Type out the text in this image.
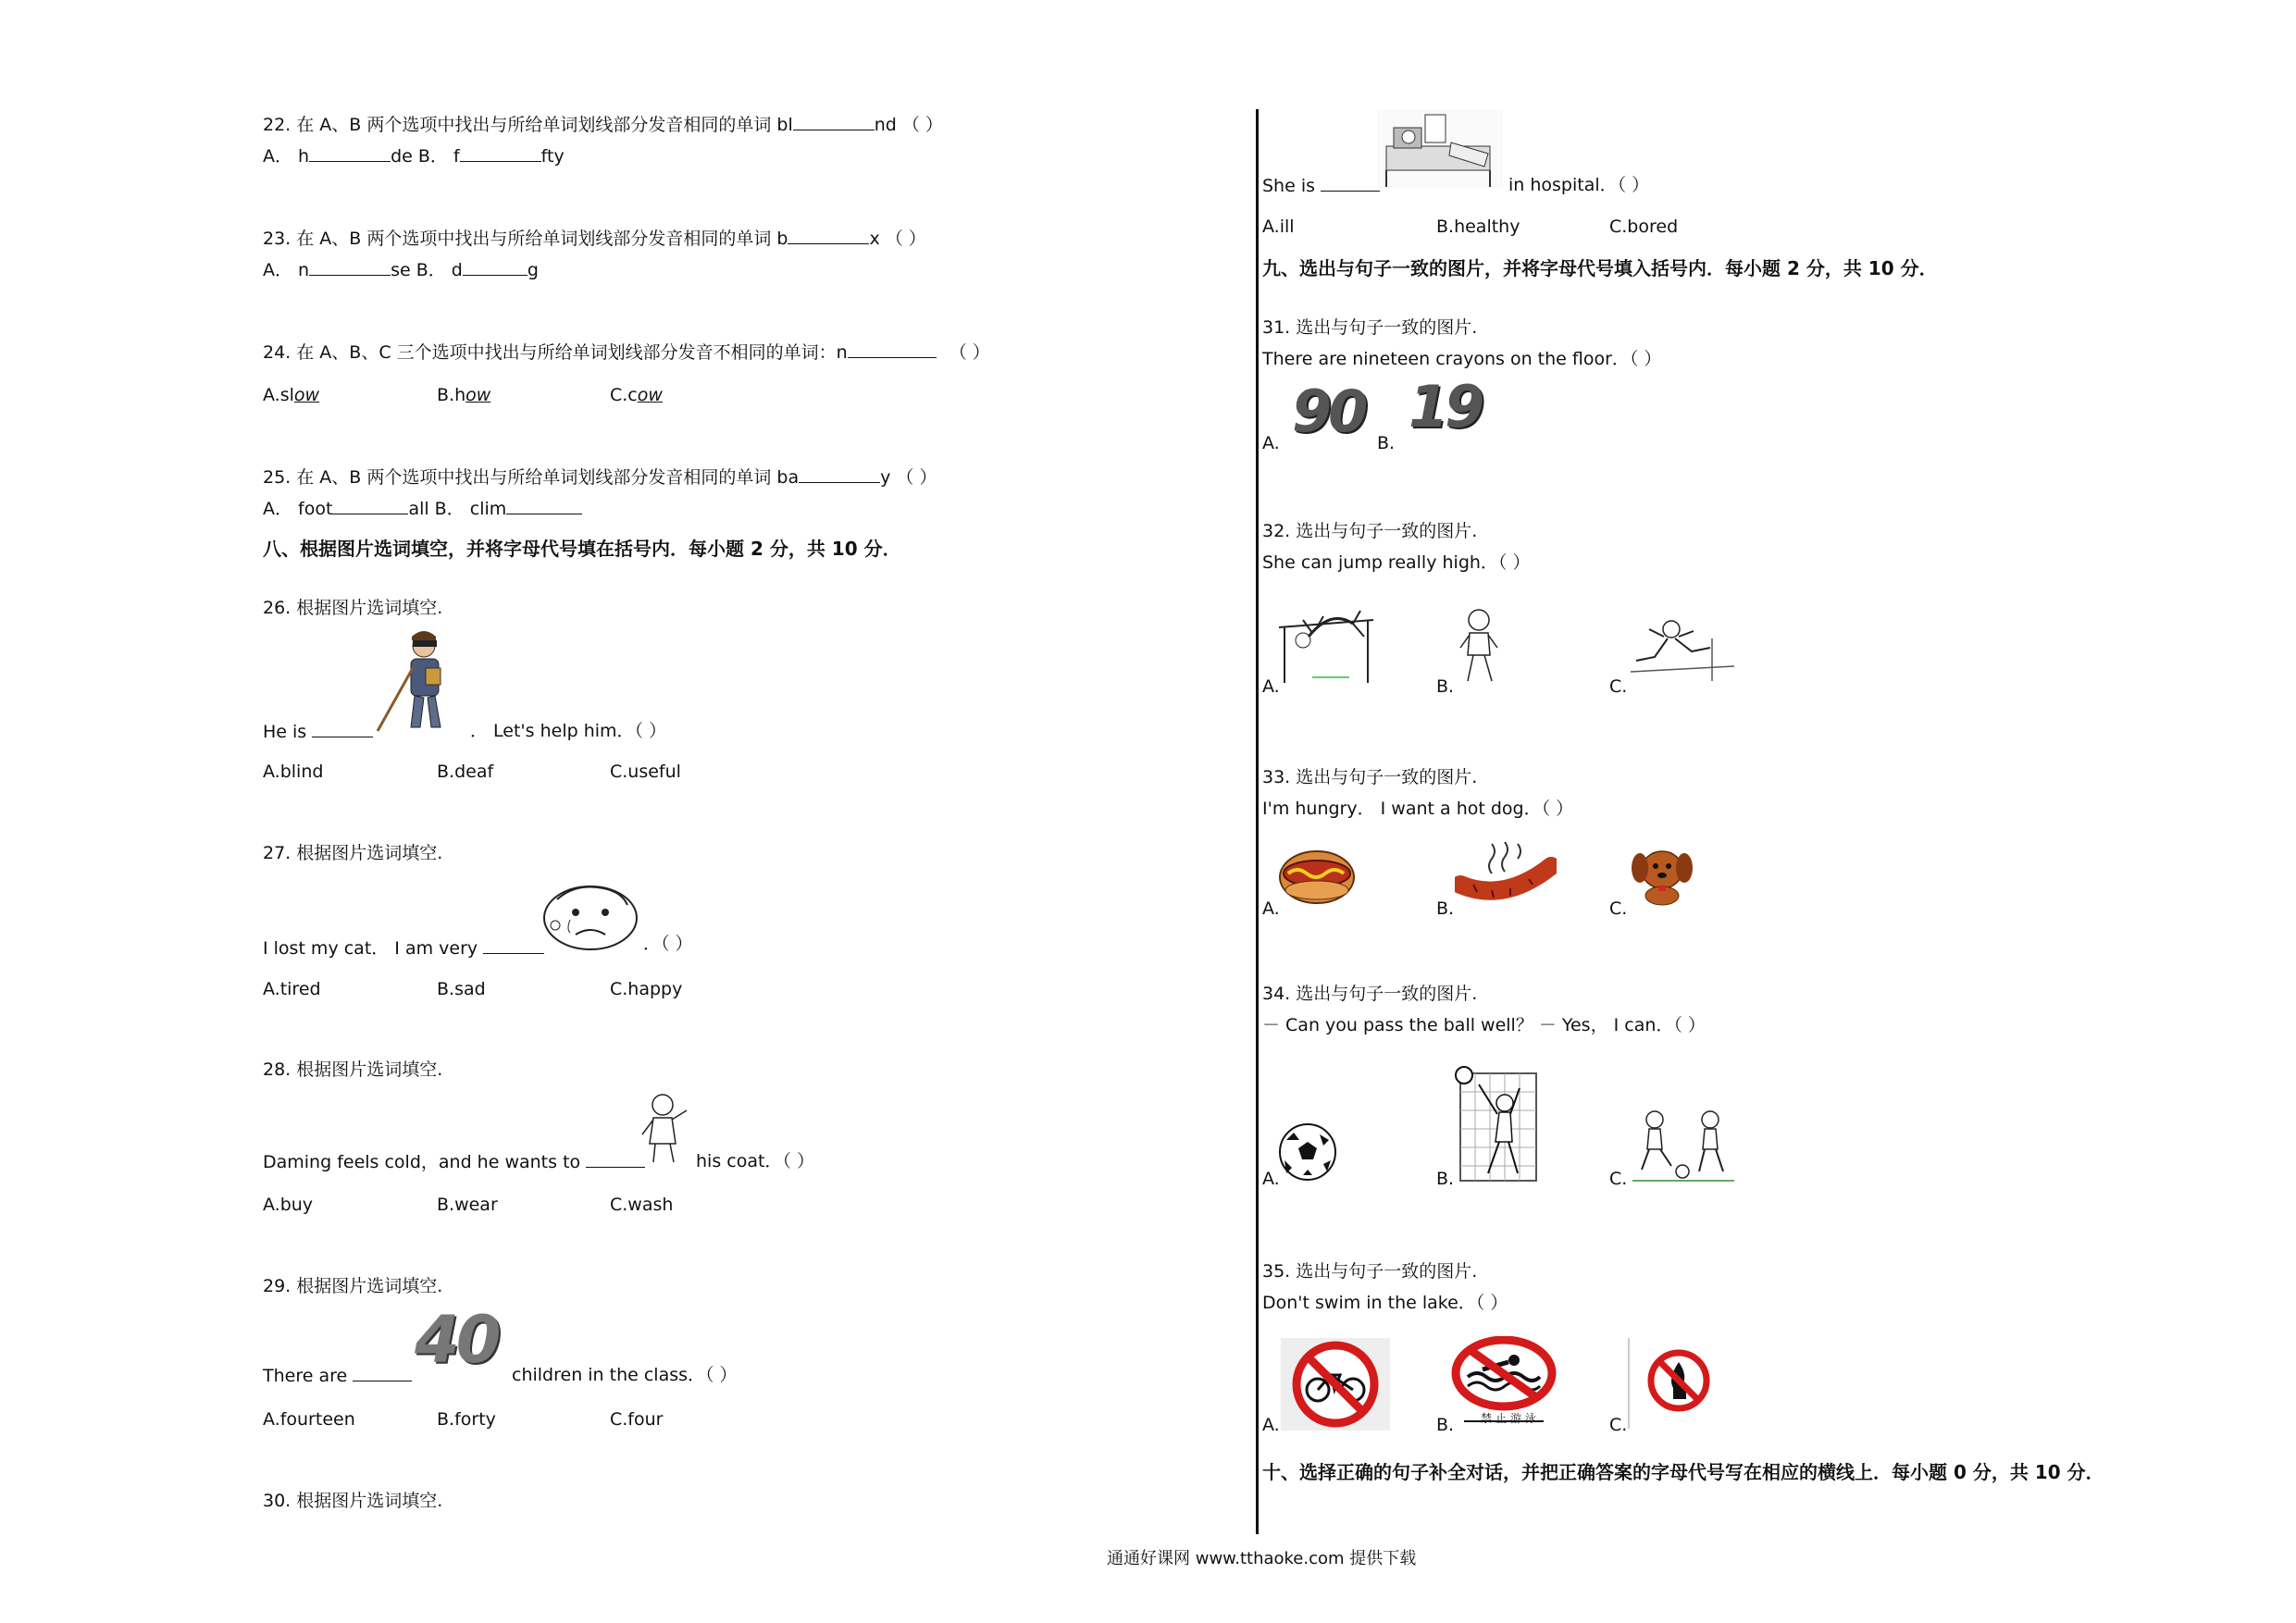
22. 在 A、B 两个选项中找出与所给单词划线部分发音相同的单词 bl	nd （ ）
A． h	de B． f	fty
23. 在 A、B 两个选项中找出与所给单词划线部分发音相同的单词 b	x （ ）
A． n	se B． d	g
24. 在 A、B、C 三个选项中找出与所给单词划线部分发音不相同的单词：n	（ ）
A.slow	B.how	C.cow
25. 在 A、B 两个选项中找出与所给单词划线部分发音相同的单词 ba	y （ ）
A． foot	all B． clim
八、根据图片选词填空，并将字母代号填在括号内．每小题 2 分，共 10 分．
26. 根据图片选词填空.
He is	． Let's help him．（ ）
A.blind	B.deaf	C.useful
27. 根据图片选词填空.
I lost my cat． I am very	．（ ）
A.tired	B.sad	C.happy
28. 根据图片选词填空.
Daming feels cold，and he wants to	his coat．（ ）
A.buy	B.wear	C.wash
29. 根据图片选词填空.
There are	40 children in the class．（ ）
A.fourteen	B.forty	C.four
30. 根据图片选词填空.
She is	in hospital．（ ）
A.ill	B.healthy	C.bored
九、选出与句子一致的图片，并将字母代号填入括号内．每小题 2 分，共 10 分．
31. 选出与句子一致的图片.
There are nineteen crayons on the floor．（ ）
A. 90 B.
19
32. 选出与句子一致的图片.
She can jump really high．（ ）
A.	B.	C.
33. 选出与句子一致的图片.
I'm hungry． I want a hot dog．（ ）
A.	B.	C.
34. 选出与句子一致的图片.
－ Can you pass the ball well？ － Yes， I can．（ ）
A.	B.	C.
35. 选出与句子一致的图片.
Don't swim in the lake．（ ）
A.	B. 禁止游泳	C.
十、选择正确的句子补全对话，并把正确答案的字母代号写在相应的横线上．每小题 0 分，共 10 分．
通通好课网 www.tthaoke.com 提供下载
